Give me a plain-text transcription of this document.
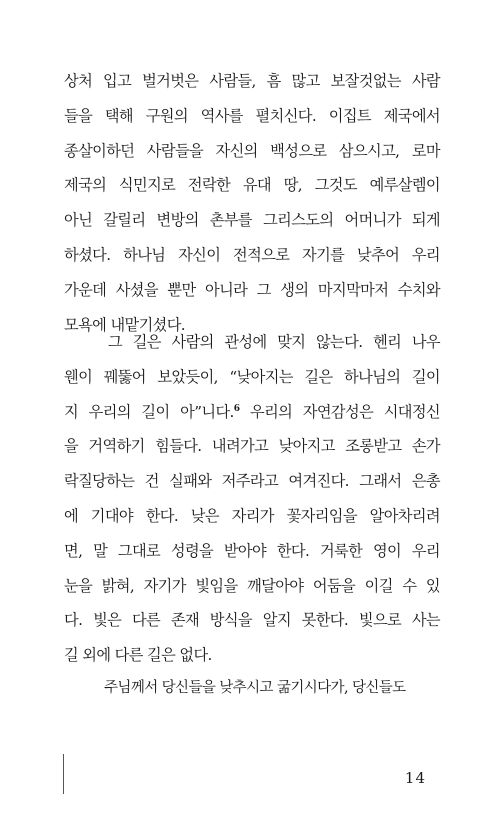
상처 입고 벌거벗은 사람들, 흠 많고 보잘것없는 사람
들을 택해 구원의 역사를 펼치신다. 이집트 제국에서
종살이하던 사람들을 자신의 백성으로 삼으시고, 로마
제국의 식민지로 전락한 유대 땅, 그것도 예루살렘이
아닌 갈릴리 변방의 촌부를 그리스도의 어머니가 되게
하셨다. 하나님 자신이 전적으로 자기를 낮추어 우리
가운데 사셨을 뿐만 아니라 그 생의 마지막마저 수치와
모욕에 내맡기셨다.
그 길은 사람의 관성에 맞지 않는다. 헨리 나우
웬이 꿰뚫어 보았듯이, “낮아지는 길은 하나님의 길이
지 우리의 길이 아”니다.$^6$ 우리의 자연감성은 시대정신
을 거역하기 힘들다. 내려가고 낮아지고 조롱받고 손가
락질당하는 건 실패와 저주라고 여겨진다. 그래서 은총
에 기대야 한다. 낮은 자리가 꽃자리임을 알아차리려
면, 말 그대로 성령을 받아야 한다. 거룩한 영이 우리
눈을 밝혀, 자기가 빛임을 깨달아야 어둠을 이길 수 있
다. 빛은 다른 존재 방식을 알지 못한다. 빛으로 사는
길 외에 다른 길은 없다.
주님께서 당신들을 낮추시고 굶기시다가, 당신들도
14
